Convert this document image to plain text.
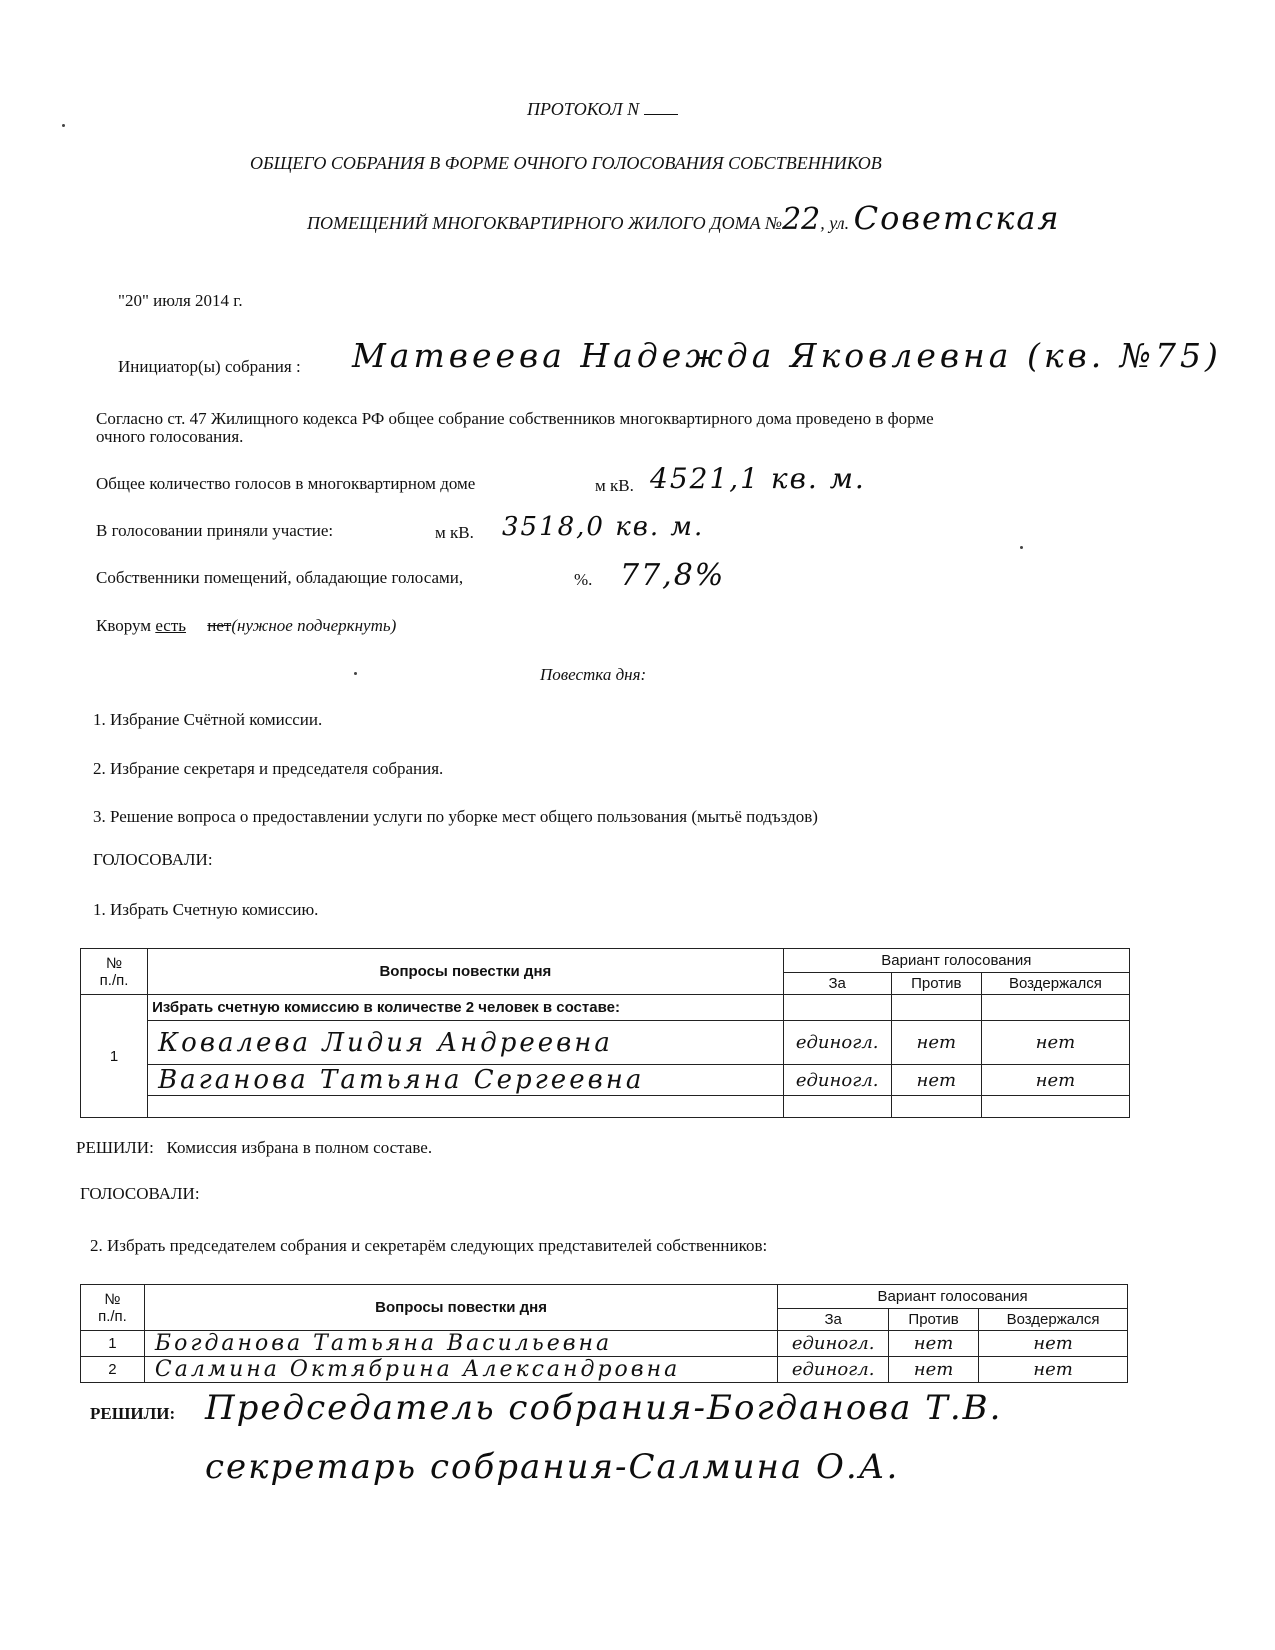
ПРОТОКОЛ N
ОБЩЕГО СОБРАНИЯ В ФОРМЕ ОЧНОГО ГОЛОСОВАНИЯ СОБСТВЕННИКОВ
ПОМЕЩЕНИЙ МНОГОКВАРТИРНОГО ЖИЛОГО ДОМА №22, ул. Советская
"20" июля 2014 г.
Инициатор(ы) собрания : Матвеева Надежда Яковлевна (кв. №75)
Согласно ст. 47 Жилищного кодекса РФ общее собрание собственников многоквартирного дома проведено в форме
очного голосования.
Общее количество голосов в многоквартирном доме	м кВ. 4521,1 кв. м.
В голосовании приняли участие:	м кВ. 3518,0 кв. м.
Собственники помещений, обладающие голосами,	%. 77,8%
Кворум есть нет(нужное подчеркнуть)
Повестка дня:
1. Избрание Счётной комиссии.
2. Избрание секретаря и председателя собрания.
3. Решение вопроса о предоставлении услуги по уборке мест общего пользования (мытьё подъздов)
ГОЛОСОВАЛИ:
1. Избрать Счетную комиссию.
№
п./п.	Вопросы повестки дня	Вариант голосования		
		За	Против	Воздержался
1	Избрать счетную комиссию в количестве 2 человек в составе:			
	Ковалева Лидия Андреевна	единогл.	нет	нет
	Ваганова Татьяна Сергеевна	единогл.	нет	нет

РЕШИЛИ: Комиссия избрана в полном составе.
ГОЛОСОВАЛИ:
2. Избрать председателем собрания и секретарём следующих представителей собственников:
№
п./п.	Вопросы повестки дня	Вариант голосования		
		За	Против	Воздержался
1	Богданова Татьяна Васильевна	единогл.	нет	нет
2	Салмина Октябрина Александровна	единогл.	нет	нет
РЕШИЛИ: Председатель собрания-Богданова Т.В.
секретарь собрания-Салмина О.А.
